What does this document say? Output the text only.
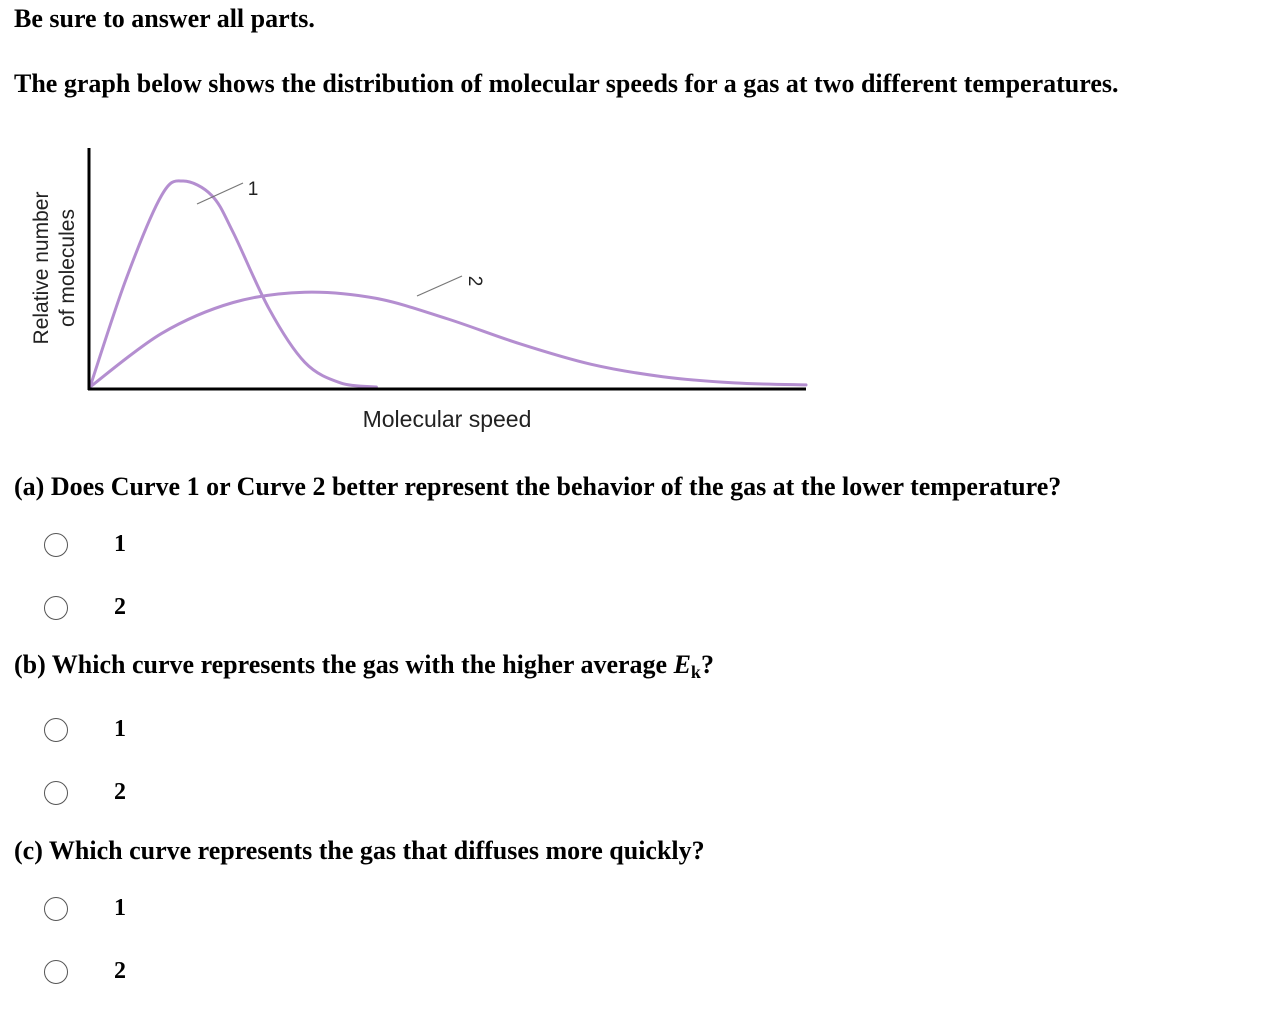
Be sure to answer all parts.
The graph below shows the distribution of molecular speeds for a gas at two different temperatures.
Relative number of molecules
1
2
Molecular speed
(a) Does Curve 1 or Curve 2 better represent the behavior of the gas at the lower temperature?
1
2
(b) Which curve represents the gas with the higher average Ek?
1
2
(c) Which curve represents the gas that diffuses more quickly?
1
2
